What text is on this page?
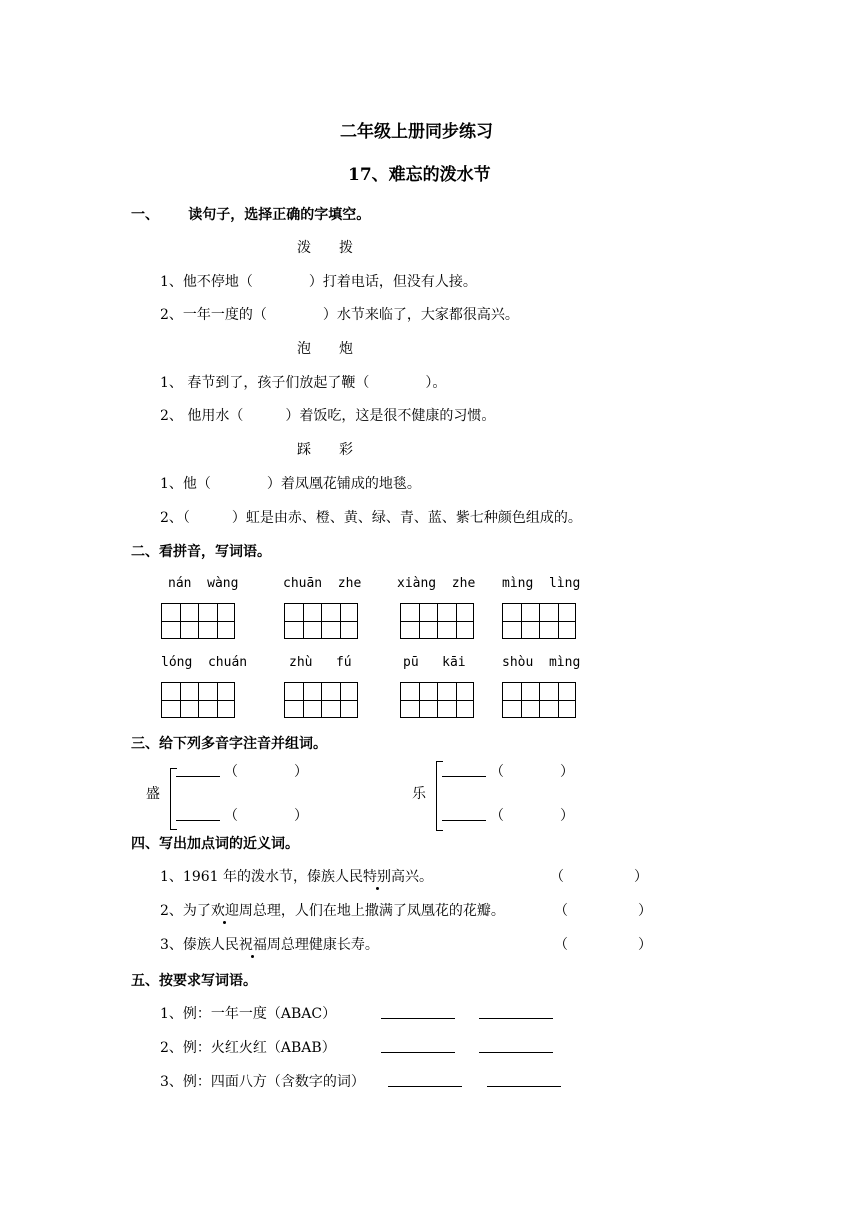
二年级上册同步练习
17、难忘的泼水节
一、      读句子，选择正确的字填空。
泼　　拨
1、他不停地（　　　　）打着电话，但没有人接。
2、一年一度的（　　　　）水节来临了，大家都很高兴。
泡　　炮
1、 春节到了，孩子们放起了鞭（　　　　）。
2、 他用水（　　　）着饭吃，这是很不健康的习惯。
踩　　彩
1、他（　　　　）着凤凰花铺成的地毯。
2、（　　　）虹是由赤、橙、黄、绿、青、蓝、紫七种颜色组成的。
二、看拼音，写词语。
nán  wàng	chuān  zhe	xiàng  zhe mìng  lìng
lóng  chuán	zhù   fú	pū   kāi	shòu  mìng
三、给下列多音字注音并组词。
盛
（　　　　）
（　　　　）
乐
（　　　　）
（　　　　）
四、写出加点词的近义词。
1、1961 年的泼水节，傣族人民特别高兴。	（　　　　　）
2、为了欢迎周总理，人们在地上撒满了凤凰花的花瓣。	（　　　　　）
3、傣族人民祝福周总理健康长寿。	（　　　　　）
五、按要求写词语。
1、例：一年一度（ABAC）
2、例：火红火红（ABAB）
3、例：四面八方（含数字的词）
